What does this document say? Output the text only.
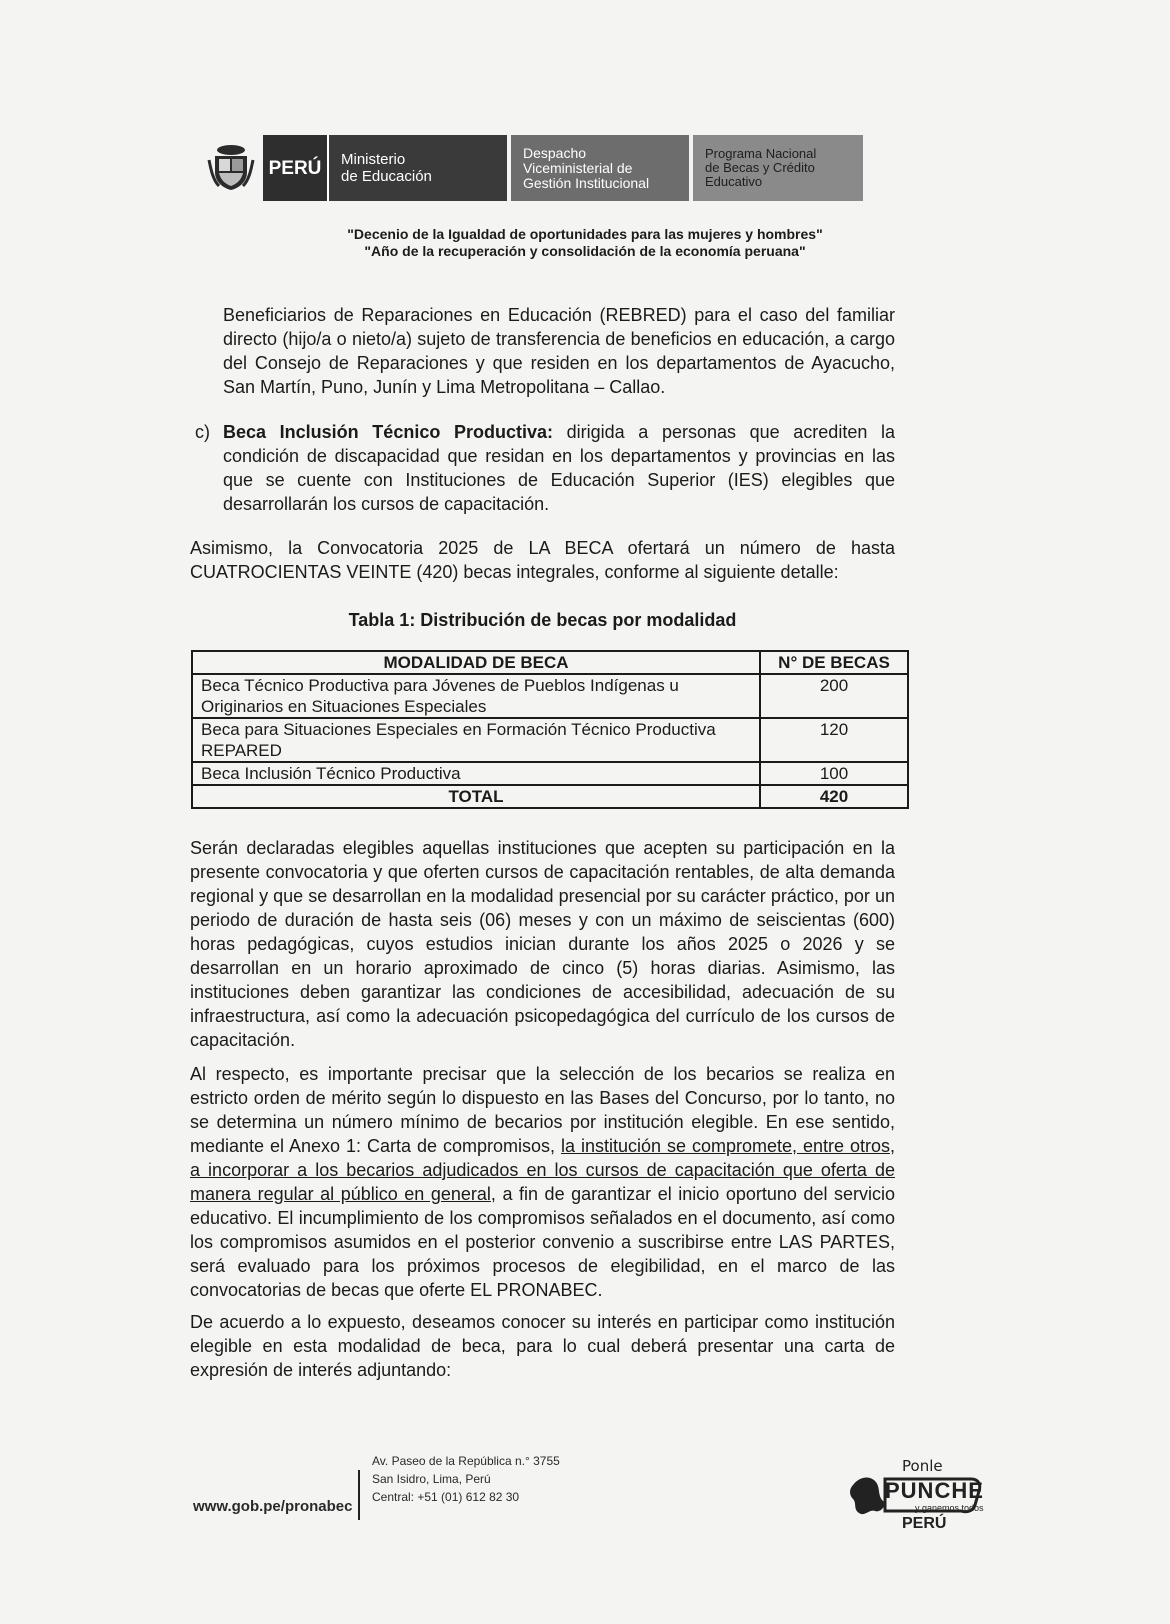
PERÚ	Ministerio
de Educación
Despacho
Viceministerial de
Gestión Institucional
Programa Nacional
de Becas y Crédito
Educativo
"Decenio de la Igualdad de oportunidades para las mujeres y hombres"
"Año de la recuperación y consolidación de la economía peruana"
Beneficiarios de Reparaciones en Educación (REBRED) para el caso del familiar
directo (hijo/a o nieto/a) sujeto de transferencia de beneficios en educación, a cargo
del Consejo de Reparaciones y que residen en los departamentos de Ayacucho,
San Martín, Puno, Junín y Lima Metropolitana – Callao.
c) Beca Inclusión Técnico Productiva: dirigida a personas que acrediten la condición de discapacidad que residan en los departamentos y provincias en las que se cuente con Instituciones de Educación Superior (IES) elegibles que desarrollarán los cursos de capacitación.
Asimismo, la Convocatoria 2025 de LA BECA ofertará un número de hasta CUATROCIENTAS VEINTE (420) becas integrales, conforme al siguiente detalle:
Tabla 1: Distribución de becas por modalidad
MODALIDAD DE BECA	N° DE BECAS
Beca Técnico Productiva para Jóvenes de Pueblos Indígenas u Originarios en Situaciones Especiales	200
Beca para Situaciones Especiales en Formación Técnico Productiva REPARED	120
Beca Inclusión Técnico Productiva	100
TOTAL	420
Serán declaradas elegibles aquellas instituciones que acepten su participación en la presente convocatoria y que oferten cursos de capacitación rentables, de alta demanda regional y que se desarrollan en la modalidad presencial por su carácter práctico, por un periodo de duración de hasta seis (06) meses y con un máximo de seiscientas (600) horas pedagógicas, cuyos estudios inician durante los años 2025 o 2026 y se desarrollan en un horario aproximado de cinco (5) horas diarias. Asimismo, las instituciones deben garantizar las condiciones de accesibilidad, adecuación de su infraestructura, así como la adecuación psicopedagógica del currículo de los cursos de capacitación.
Al respecto, es importante precisar que la selección de los becarios se realiza en estricto orden de mérito según lo dispuesto en las Bases del Concurso, por lo tanto, no se determina un número mínimo de becarios por institución elegible. En ese sentido, mediante el Anexo 1: Carta de compromisos, la institución se compromete, entre otros, a incorporar a los becarios adjudicados en los cursos de capacitación que oferta de manera regular al público en general, a fin de garantizar el inicio oportuno del servicio educativo. El incumplimiento de los compromisos señalados en el documento, así como los compromisos asumidos en el posterior convenio a suscribirse entre LAS PARTES, será evaluado para los próximos procesos de elegibilidad, en el marco de las convocatorias de becas que oferte EL PRONABEC.
De acuerdo a lo expuesto, deseamos conocer su interés en participar como institución elegible en esta modalidad de beca, para lo cual deberá presentar una carta de expresión de interés adjuntando:
www.gob.pe/pronabec
Av. Paseo de la República n.° 3755
San Isidro, Lima, Perú
Central: +51 (01) 612 82 30
Ponle
PUNCHE
y ganemos todos
PERÚ
